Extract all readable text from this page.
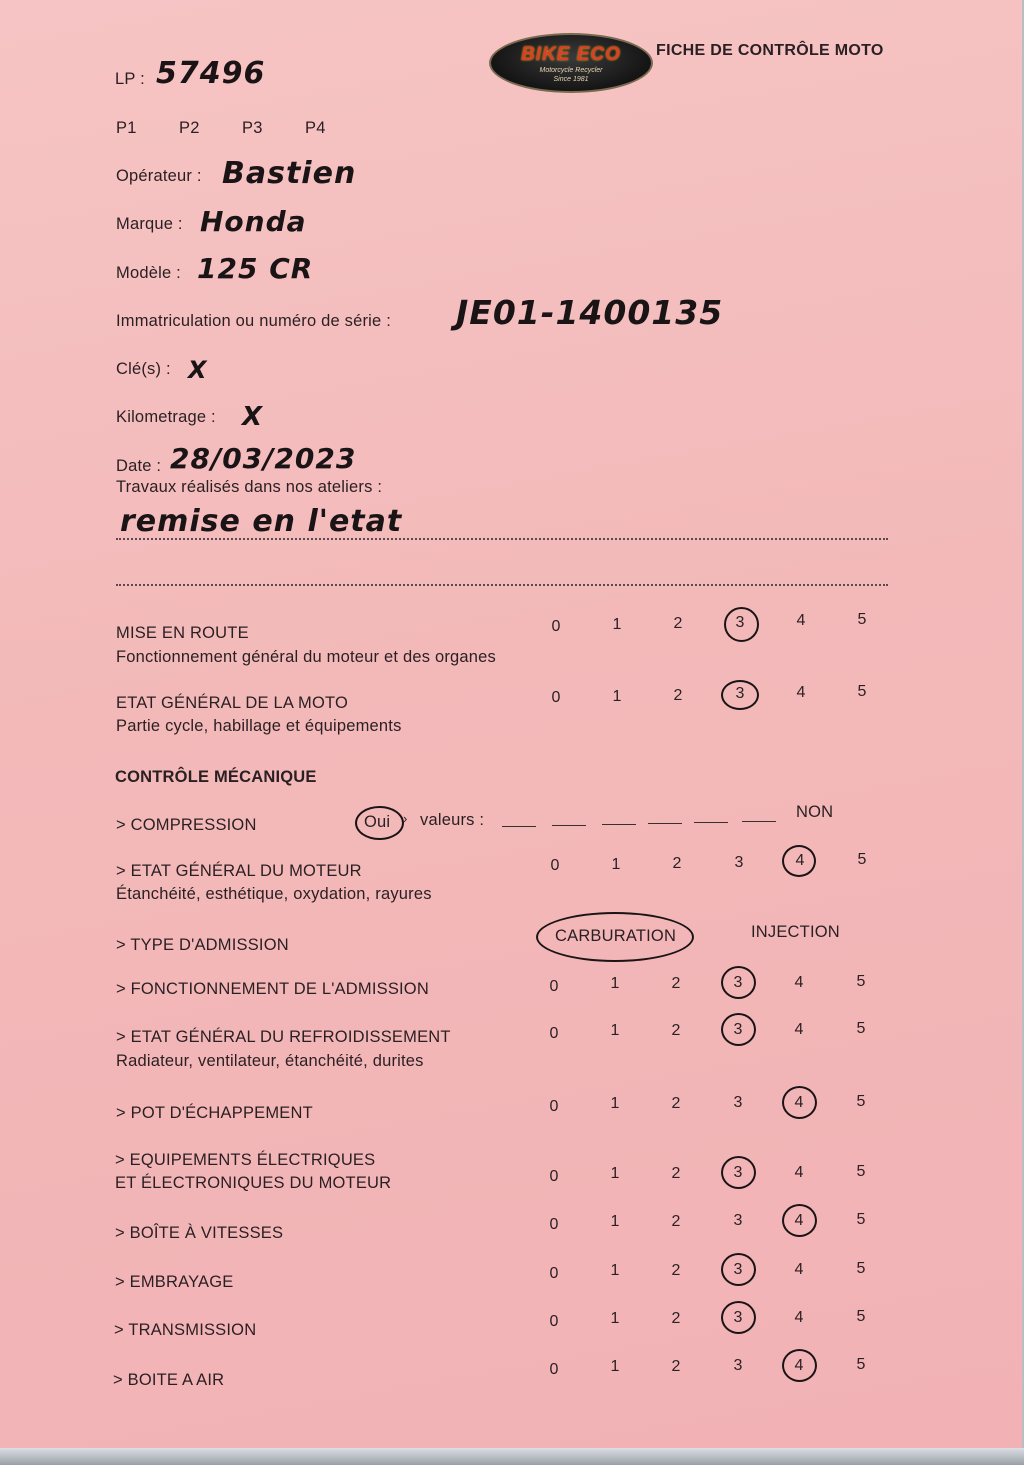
BIKE ECO
Motorcycle Recycler
Since 1981
FICHE DE CONTRÔLE MOTO
LP : 57496
P1	P2	P3	P4
Opérateur : Bastien
Marque : Honda
Modèle : 125 CR
Immatriculation ou numéro de série : JE01-1400135
Clé(s) : X
Kilometrage : X
Date : 28/03/2023
Travaux réalisés dans nos ateliers :
remise en l'etat
MISE EN ROUTE
Fonctionnement général du moteur et des organes
0	1	2	3	4	5
ETAT GÉNÉRAL DE LA MOTO
Partie cycle, habillage et équipements
0	1	2	3	4	5
CONTRÔLE MÉCANIQUE
> COMPRESSION	Oui › valeurs :	NON
> ETAT GÉNÉRAL DU MOTEUR
Étanchéité, esthétique, oxydation, rayures
0	1	2	3	4	5
> TYPE D'ADMISSION	CARBURATION	INJECTION
> FONCTIONNEMENT DE L'ADMISSION	0	1	2	3	4	5
> ETAT GÉNÉRAL DU REFROIDISSEMENT
Radiateur, ventilateur, étanchéité, durites
0	1	2	3	4	5
> POT D'ÉCHAPPEMENT	0	1	2	3	4	5
> EQUIPEMENTS ÉLECTRIQUES
ET ÉLECTRONIQUES DU MOTEUR	0	1	2	3	4	5
> BOÎTE À VITESSES	0	1	2	3	4	5
> EMBRAYAGE	0	1	2	3	4	5
> TRANSMISSION	0	1	2	3	4	5
> BOITE A AIR
0	1	2	3	4	5
